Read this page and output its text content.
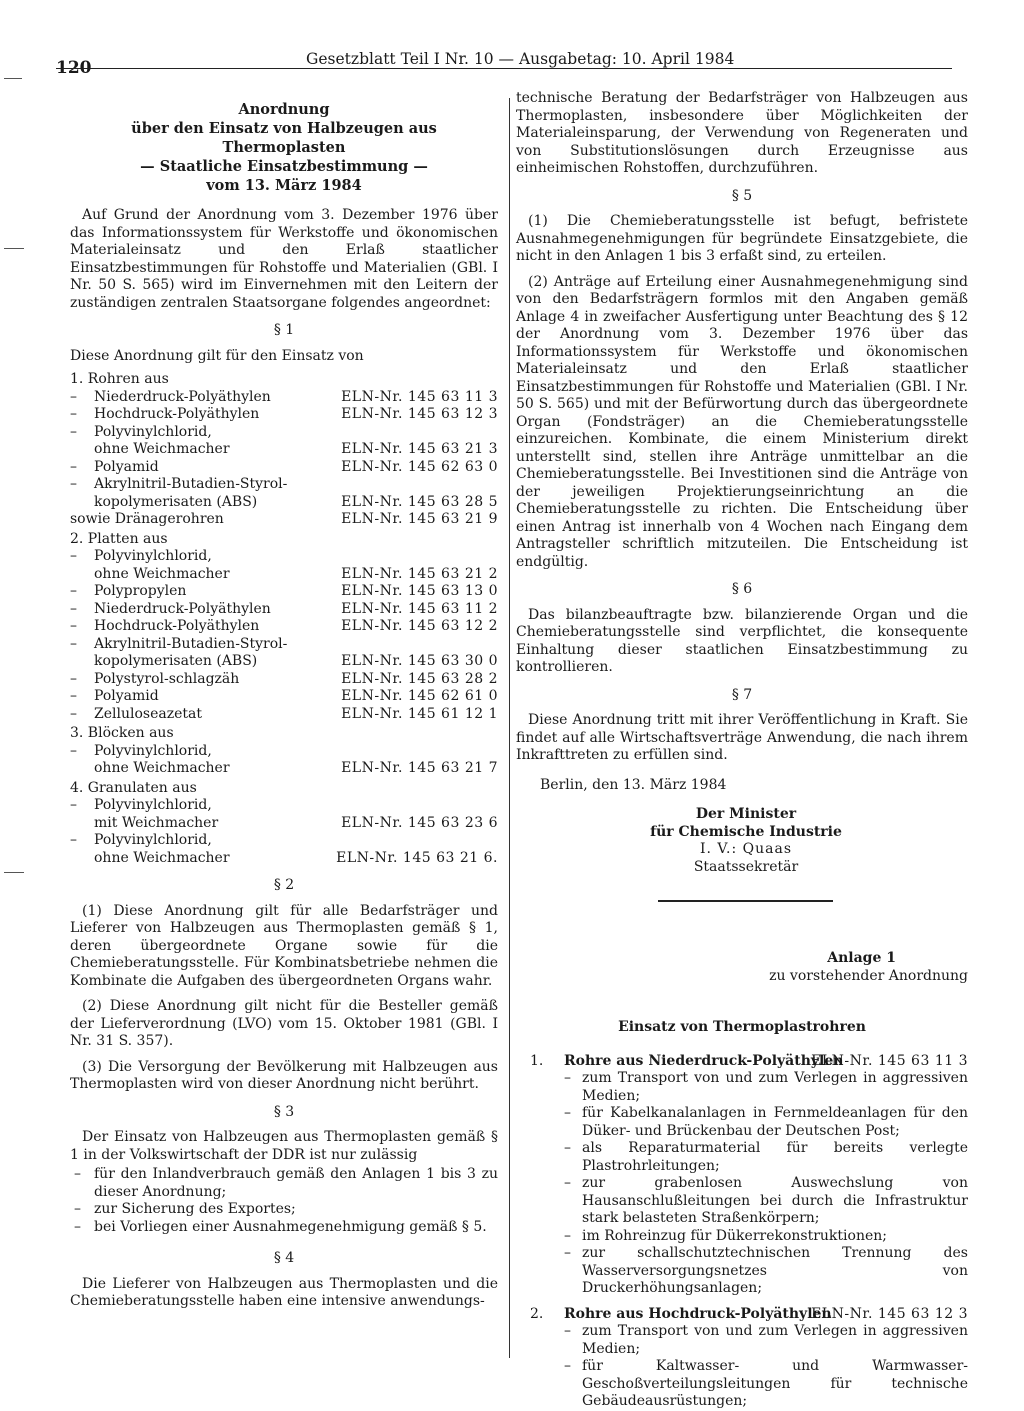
120	Gesetzblatt Teil I Nr. 10 — Ausgabetag: 10. April 1984
Anordnung
über den Einsatz von Halbzeugen aus Thermoplasten
— Staatliche Einsatzbestimmung —
vom 13. März 1984

Auf Grund der Anordnung vom 3. Dezember 1976 über das Informationssystem für Werkstoffe und ökonomischen Materialeinsatz und den Erlaß staatlicher Einsatzbestimmungen für Rohstoffe und Materialien (GBl. I Nr. 50 S. 565) wird im Einvernehmen mit den Leitern der zuständigen zentralen Staatsorgane folgendes angeordnet:

§ 1
Diese Anordnung gilt für den Einsatz von
1. Rohren aus
– Niederdruck-Polyäthylen	ELN-Nr. 145 63 11 3
– Hochdruck-Polyäthylen	ELN-Nr. 145 63 12 3
– Polyvinylchlorid,
ohne Weichmacher	ELN-Nr. 145 63 21 3
– Polyamid	ELN-Nr. 145 62 63 0
– Akrylnitril-Butadien-Styrol-
kopolymerisaten (ABS)	ELN-Nr. 145 63 28 5
sowie Dränagerohren	ELN-Nr. 145 63 21 9
2. Platten aus
– Polyvinylchlorid,
ohne Weichmacher	ELN-Nr. 145 63 21 2
– Polypropylen	ELN-Nr. 145 63 13 0
– Niederdruck-Polyäthylen	ELN-Nr. 145 63 11 2
– Hochdruck-Polyäthylen	ELN-Nr. 145 63 12 2
– Akrylnitril-Butadien-Styrol-
kopolymerisaten (ABS)	ELN-Nr. 145 63 30 0
– Polystyrol-schlagzäh	ELN-Nr. 145 63 28 2
– Polyamid	ELN-Nr. 145 62 61 0
– Zelluloseazetat	ELN-Nr. 145 61 12 1
3. Blöcken aus
– Polyvinylchlorid,
ohne Weichmacher	ELN-Nr. 145 63 21 7
4. Granulaten aus
– Polyvinylchlorid,
mit Weichmacher	ELN-Nr. 145 63 23 6
– Polyvinylchlorid,
ohne Weichmacher	ELN-Nr. 145 63 21 6.
§ 2

(1) Diese Anordnung gilt für alle Bedarfsträger und Lieferer von Halbzeugen aus Thermoplasten gemäß § 1, deren übergeordnete Organe sowie für die Chemieberatungsstelle. Für Kombinatsbetriebe nehmen die Kombinate die Aufgaben des übergeordneten Organs wahr.

(2) Diese Anordnung gilt nicht für die Besteller gemäß der Lieferverordnung (LVO) vom 15. Oktober 1981 (GBl. I Nr. 31 S. 357).

(3) Die Versorgung der Bevölkerung mit Halbzeugen aus Thermoplasten wird von dieser Anordnung nicht berührt.

§ 3

Der Einsatz von Halbzeugen aus Thermoplasten gemäß § 1 in der Volkswirtschaft der DDR ist nur zulässig

– für den Inlandverbrauch gemäß den Anlagen 1 bis 3 zu dieser Anordnung;
– zur Sicherung des Exportes;
– bei Vorliegen einer Ausnahmegenehmigung gemäß § 5.
§ 4

Die Lieferer von Halbzeugen aus Thermoplasten und die Chemieberatungsstelle haben eine intensive anwendungs-

technische Beratung der Bedarfsträger von Halbzeugen aus Thermoplasten, insbesondere über Möglichkeiten der Materialeinsparung, der Verwendung von Regeneraten und von Substitutionslösungen durch Erzeugnisse aus einheimischen Rohstoffen, durchzuführen.

§ 5

(1) Die Chemieberatungsstelle ist befugt, befristete Ausnahmegenehmigungen für begründete Einsatzgebiete, die nicht in den Anlagen 1 bis 3 erfaßt sind, zu erteilen.

(2) Anträge auf Erteilung einer Ausnahmegenehmigung sind von den Bedarfsträgern formlos mit den Angaben gemäß Anlage 4 in zweifacher Ausfertigung unter Beachtung des § 12 der Anordnung vom 3. Dezember 1976 über das Informationssystem für Werkstoffe und ökonomischen Materialeinsatz und den Erlaß staatlicher Einsatzbestimmungen für Rohstoffe und Materialien (GBl. I Nr. 50 S. 565) und mit der Befürwortung durch das übergeordnete Organ (Fondsträger) an die Chemieberatungsstelle einzureichen. Kombinate, die einem Ministerium direkt unterstellt sind, stellen ihre Anträge unmittelbar an die Chemieberatungsstelle. Bei Investitionen sind die Anträge von der jeweiligen Projektierungseinrichtung an die Chemieberatungsstelle zu richten. Die Entscheidung über einen Antrag ist innerhalb von 4 Wochen nach Eingang dem Antragsteller schriftlich mitzuteilen. Die Entscheidung ist endgültig.

§ 6

Das bilanzbeauftragte bzw. bilanzierende Organ und die Chemieberatungsstelle sind verpflichtet, die konsequente Einhaltung dieser staatlichen Einsatzbestimmung zu kontrollieren.

§ 7

Diese Anordnung tritt mit ihrer Veröffentlichung in Kraft. Sie findet auf alle Wirtschaftsverträge Anwendung, die nach ihrem Inkrafttreten zu erfüllen sind.

Berlin, den 13. März 1984
Der Minister
für Chemische Industrie
I. V.: Quaas
Staatssekretär
Anlage 1
zu vorstehender Anordnung
Einsatz von Thermoplastrohren
1. Rohre aus Niederdruck-Polyäthylen
ELN-Nr. 145 63 11 3
– zum Transport von und zum Verlegen in aggressiven Medien;
– für Kabelkanalanlagen in Fernmeldeanlagen für den Düker- und Brückenbau der Deutschen Post;
– als Reparaturmaterial für bereits verlegte Plastrohrleitungen;
– zur grabenlosen Auswechslung von Hausanschlußleitungen bei durch die Infrastruktur stark belasteten Straßenkörpern;
– im Rohreinzug für Dükerrekonstruktionen;
– zur schallschutztechnischen Trennung des Wasserversorgungsnetzes von Druckerhöhungsanlagen;
2. Rohre aus Hochdruck-Polyäthylen
ELN-Nr. 145 63 12 3
– zum Transport von und zum Verlegen in aggressiven Medien;
– für Kaltwasser- und Warmwasser-Geschoßverteilungsleitungen für technische Gebäudeausrüstungen;
